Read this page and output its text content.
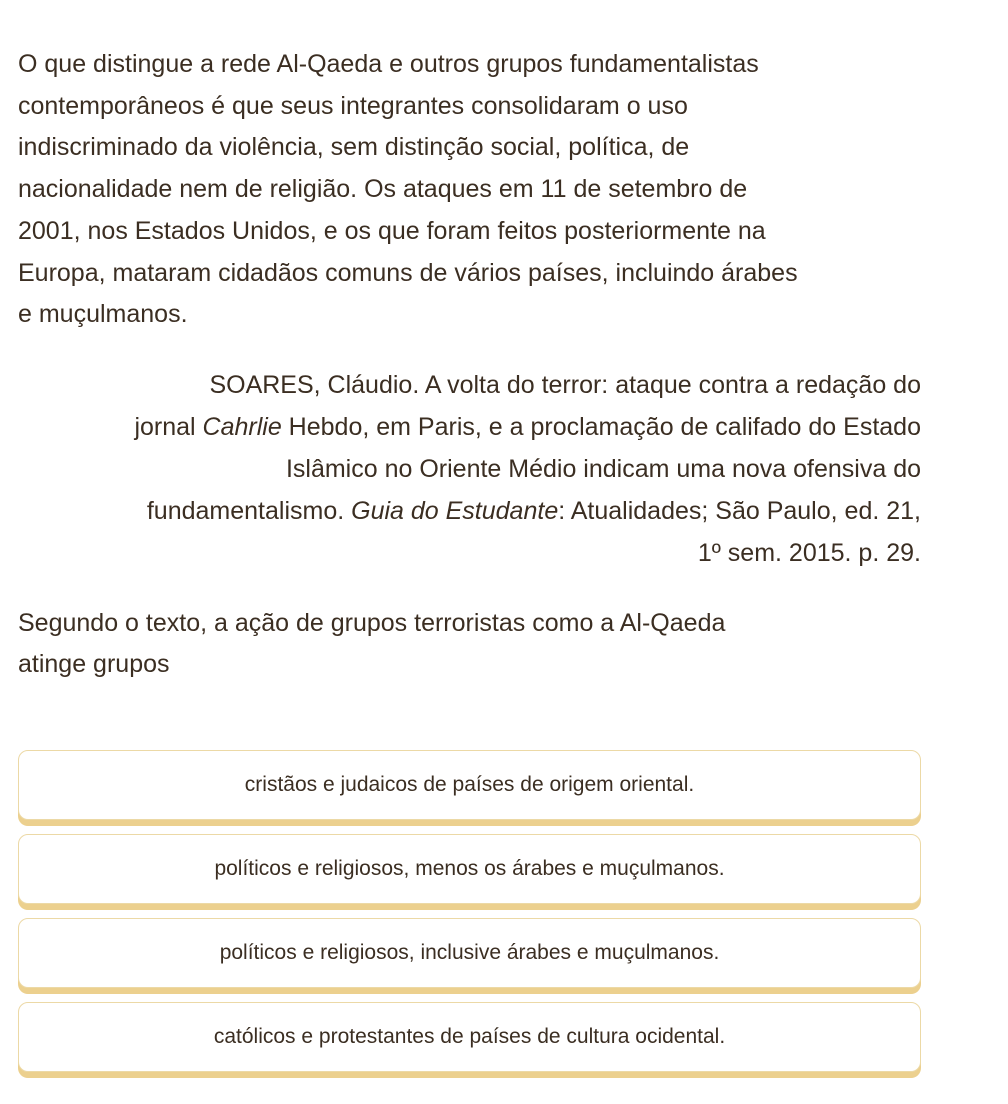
O que distingue a rede Al-Qaeda e outros grupos fundamentalistas
contemporâneos é que seus integrantes consolidaram o uso
indiscriminado da violência, sem distinção social, política, de
nacionalidade nem de religião. Os ataques em 11 de setembro de
2001, nos Estados Unidos, e os que foram feitos posteriormente na
Europa, mataram cidadãos comuns de vários países, incluindo árabes
e muçulmanos.

SOARES, Cláudio. A volta do terror: ataque contra a redação do
jornal Cahrlie Hebdo, em Paris, e a proclamação de califado do Estado
Islâmico no Oriente Médio indicam uma nova ofensiva do
fundamentalismo. Guia do Estudante: Atualidades; São Paulo, ed. 21,
1º sem. 2015. p. 29.

Segundo o texto, a ação de grupos terroristas como a Al-Qaeda
atinge grupos

cristãos e judaicos de países de origem oriental.
políticos e religiosos, menos os árabes e muçulmanos.
políticos e religiosos, inclusive árabes e muçulmanos.
católicos e protestantes de países de cultura ocidental.
